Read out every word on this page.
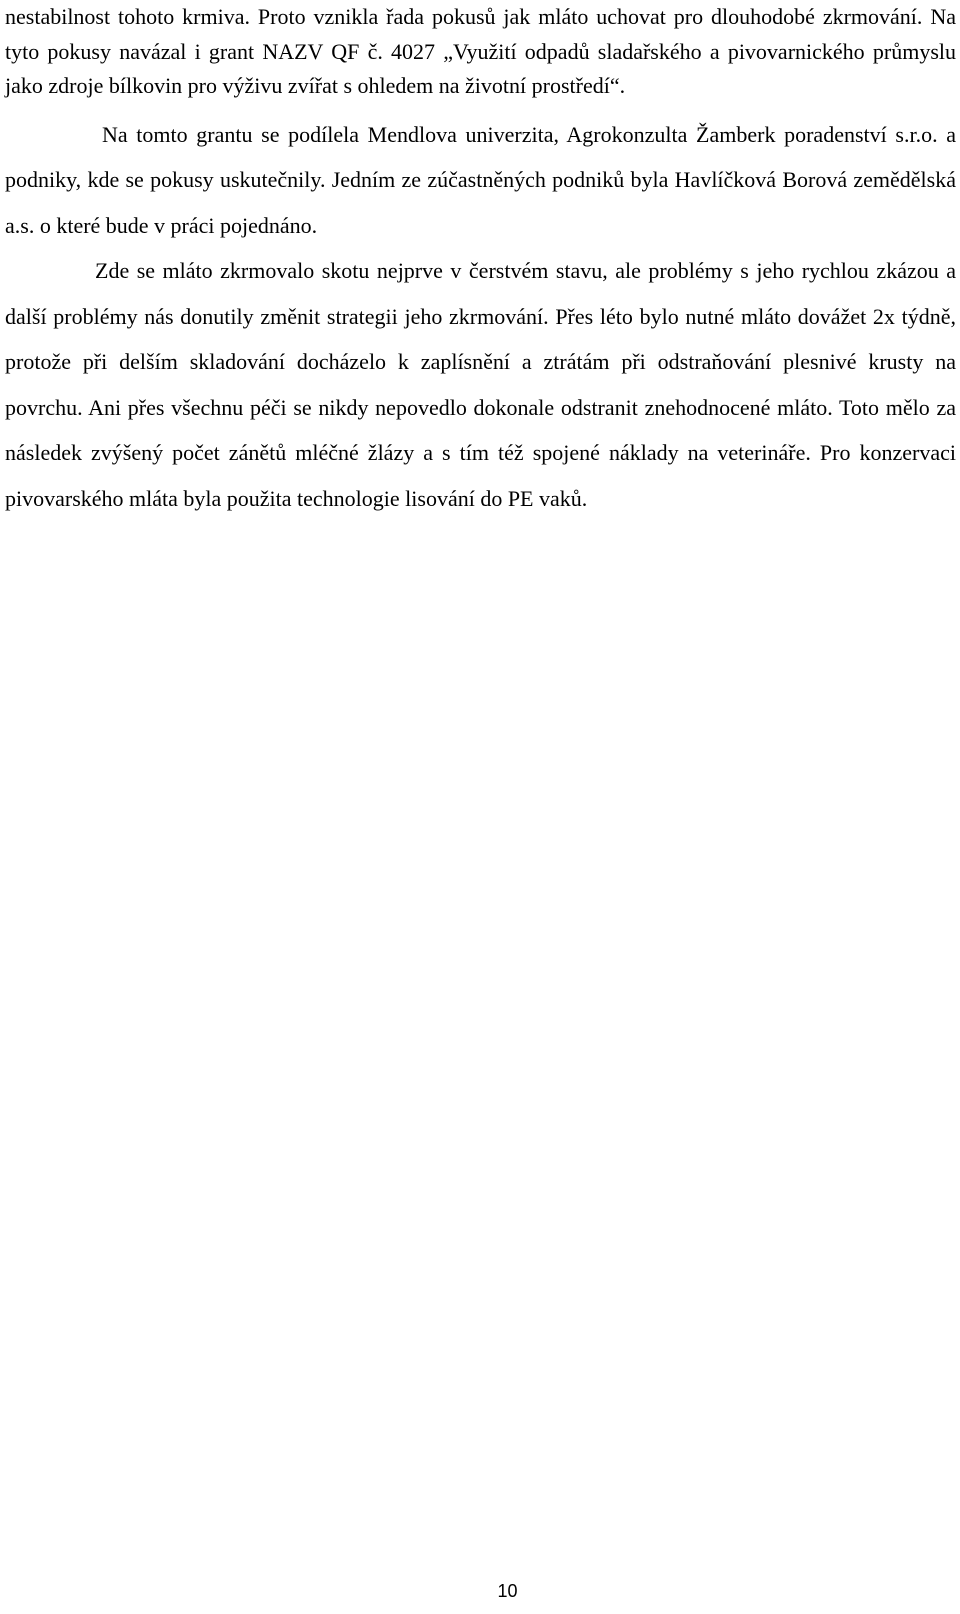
nestabilnost tohoto krmiva. Proto vznikla řada pokusů jak mláto uchovat pro dlouhodobé zkrmování. Na tyto pokusy navázal i grant NAZV QF č. 4027 „Využití odpadů sladařského a pivovarnického průmyslu jako zdroje bílkovin pro výživu zvířat s ohledem na životní prostředí“.

Na tomto grantu se podílela Mendlova univerzita, Agrokonzulta Žamberk poradenství s.r.o. a podniky, kde se pokusy uskutečnily. Jedním ze zúčastněných podniků byla Havlíčková Borová zemědělská a.s. o které bude v práci pojednáno.

Zde se mláto zkrmovalo skotu nejprve v čerstvém stavu, ale problémy s jeho rychlou zkázou a další problémy nás donutily změnit strategii jeho zkrmování. Přes léto bylo nutné mláto dovážet 2x týdně, protože při delším skladování docházelo k zaplísnění a ztrátám při odstraňování plesnivé krusty na povrchu. Ani přes všechnu péči se nikdy nepovedlo dokonale odstranit znehodnocené mláto. Toto mělo za následek zvýšený počet zánětů mléčné žlázy a s tím též spojené náklady na veterináře. Pro konzervaci pivovarského mláta byla použita technologie lisování do PE vaků.

10
